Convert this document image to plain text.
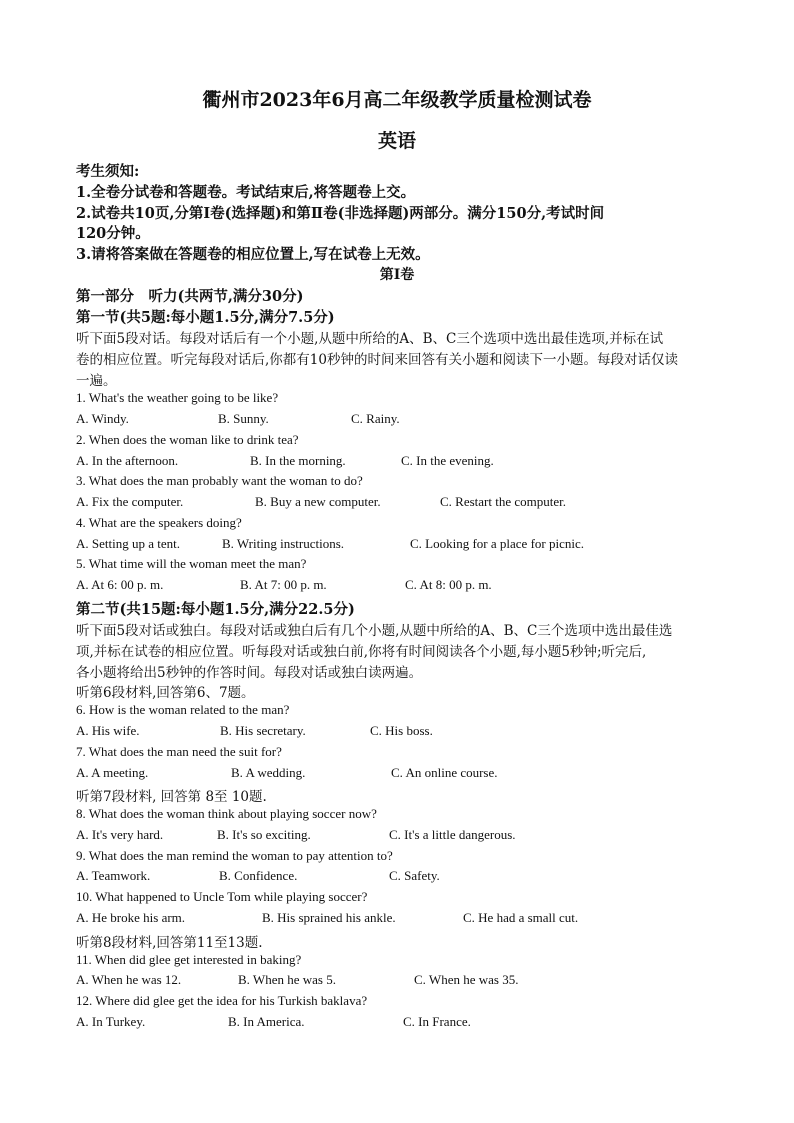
衢州市2023年6月高二年级教学质量检测试卷
英语
考生须知:
1.全卷分试卷和答题卷。考试结束后,将答题卷上交。
2.试卷共10页,分第I卷(选择题)和第Ⅱ卷(非选择题)两部分。满分150分,考试时间
120分钟。
3.请将答案做在答题卷的相应位置上,写在试卷上无效。
第I卷
第一部分　听力(共两节,满分30分)
第一节(共5题:每小题1.5分,满分7.5分)
听下面5段对话。每段对话后有一个小题,从题中所给的A、B、C三个选项中选出最佳选项,并标在试
卷的相应位置。听完每段对话后,你都有10秒钟的时间来回答有关小题和阅读下一小题。每段对话仅读
一遍。
1. What's the weather going to be like?
A. Windy.	B. Sunny.	C. Rainy.
2. When does the woman like to drink tea?
A. In the afternoon.	B. In the morning.	C. In the evening.
3. What does the man probably want the woman to do?
A. Fix the computer.	B. Buy a new computer.	C. Restart the computer.
4. What are the speakers doing?
A. Setting up a tent.	B. Writing instructions.	C. Looking for a place for picnic.
5. What time will the woman meet the man?
A. At 6: 00 p. m.	B. At 7: 00 p. m.	C. At 8: 00 p. m.
第二节(共15题:每小题1.5分,满分22.5分)
听下面5段对话或独白。每段对话或独白后有几个小题,从题中所给的A、B、C三个选项中选出最佳选
项,并标在试卷的相应位置。听每段对话或独白前,你将有时间阅读各个小题,每小题5秒钟;听完后,
各小题将给出5秒钟的作答时间。每段对话或独白读两遍。
听第6段材料,回答第6、7题。
6. How is the woman related to the man?
A. His wife.	B. His secretary.	C. His boss.
7. What does the man need the suit for?
A. A meeting.	B. A wedding.	C. An online course.
听第7段材料, 回答第 8至 10题.
8. What does the woman think about playing soccer now?
A. It's very hard.	B. It's so exciting.	C. It's a little dangerous.
9. What does the man remind the woman to pay attention to?
A. Teamwork.	B. Confidence.	C. Safety.
10. What happened to Uncle Tom while playing soccer?
A. He broke his arm.	B. His sprained his ankle.	C. He had a small cut.
听第8段材料,回答第11至13题.
11. When did glee get interested in baking?
A. When he was 12.	B. When he was 5.	C. When he was 35.
12. Where did glee get the idea for his Turkish baklava?
A. In Turkey.	B. In America.	C. In France.
